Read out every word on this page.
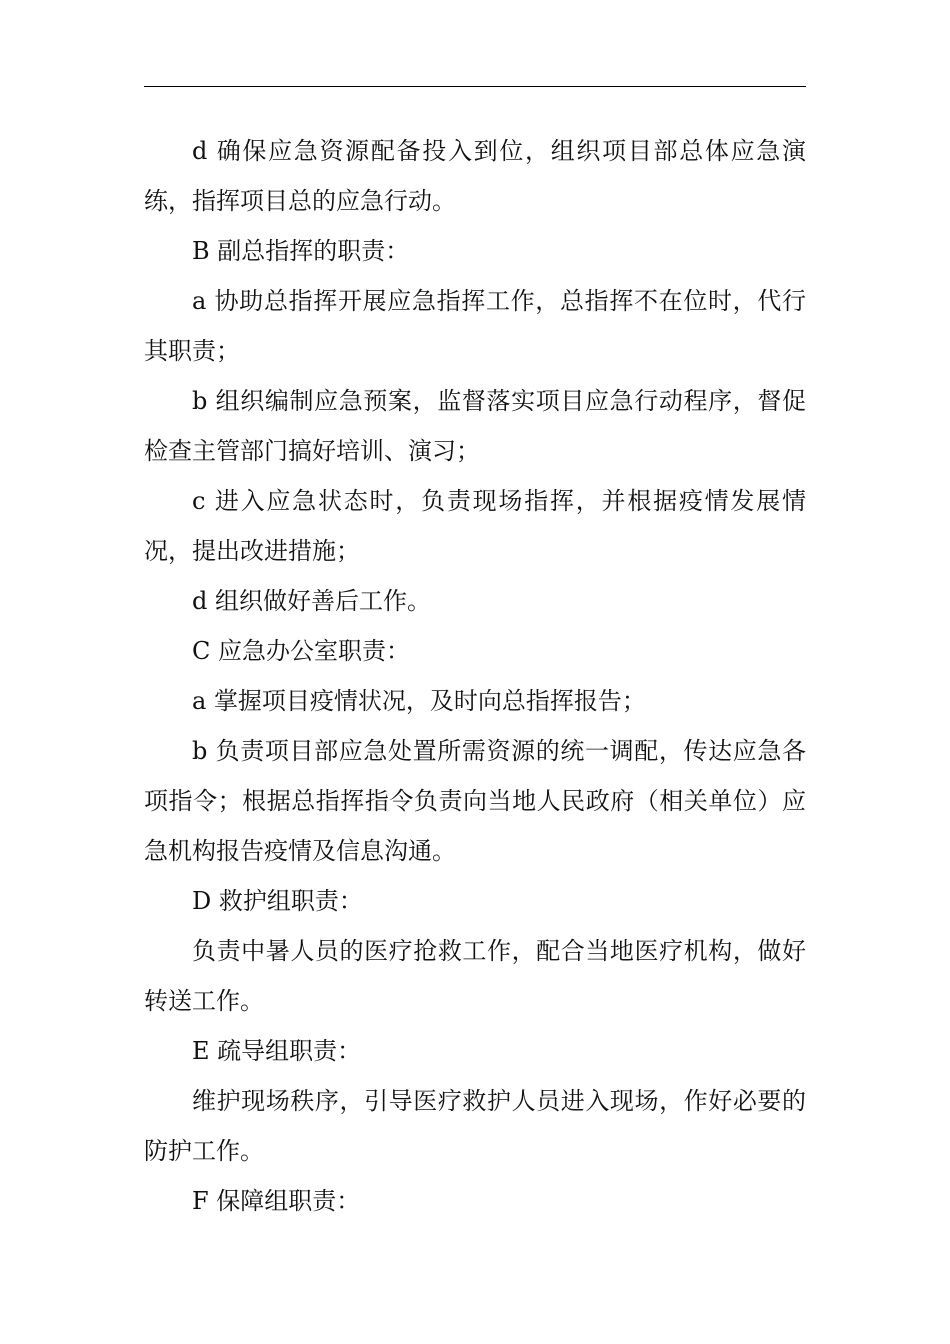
d 确保应急资源配备投入到位，组织项目部总体应急演练，指挥项目总的应急行动。

B 副总指挥的职责：

a 协助总指挥开展应急指挥工作，总指挥不在位时，代行其职责；

b 组织编制应急预案，监督落实项目应急行动程序，督促检查主管部门搞好培训、演习；

c 进入应急状态时，负责现场指挥，并根据疫情发展情况，提出改进措施；

d 组织做好善后工作。

C 应急办公室职责：

a 掌握项目疫情状况，及时向总指挥报告；

b 负责项目部应急处置所需资源的统一调配，传达应急各项指令；根据总指挥指令负责向当地人民政府（相关单位）应急机构报告疫情及信息沟通。

D 救护组职责：

负责中暑人员的医疗抢救工作，配合当地医疗机构，做好转送工作。

E 疏导组职责：

维护现场秩序，引导医疗救护人员进入现场，作好必要的防护工作。

F 保障组职责：
